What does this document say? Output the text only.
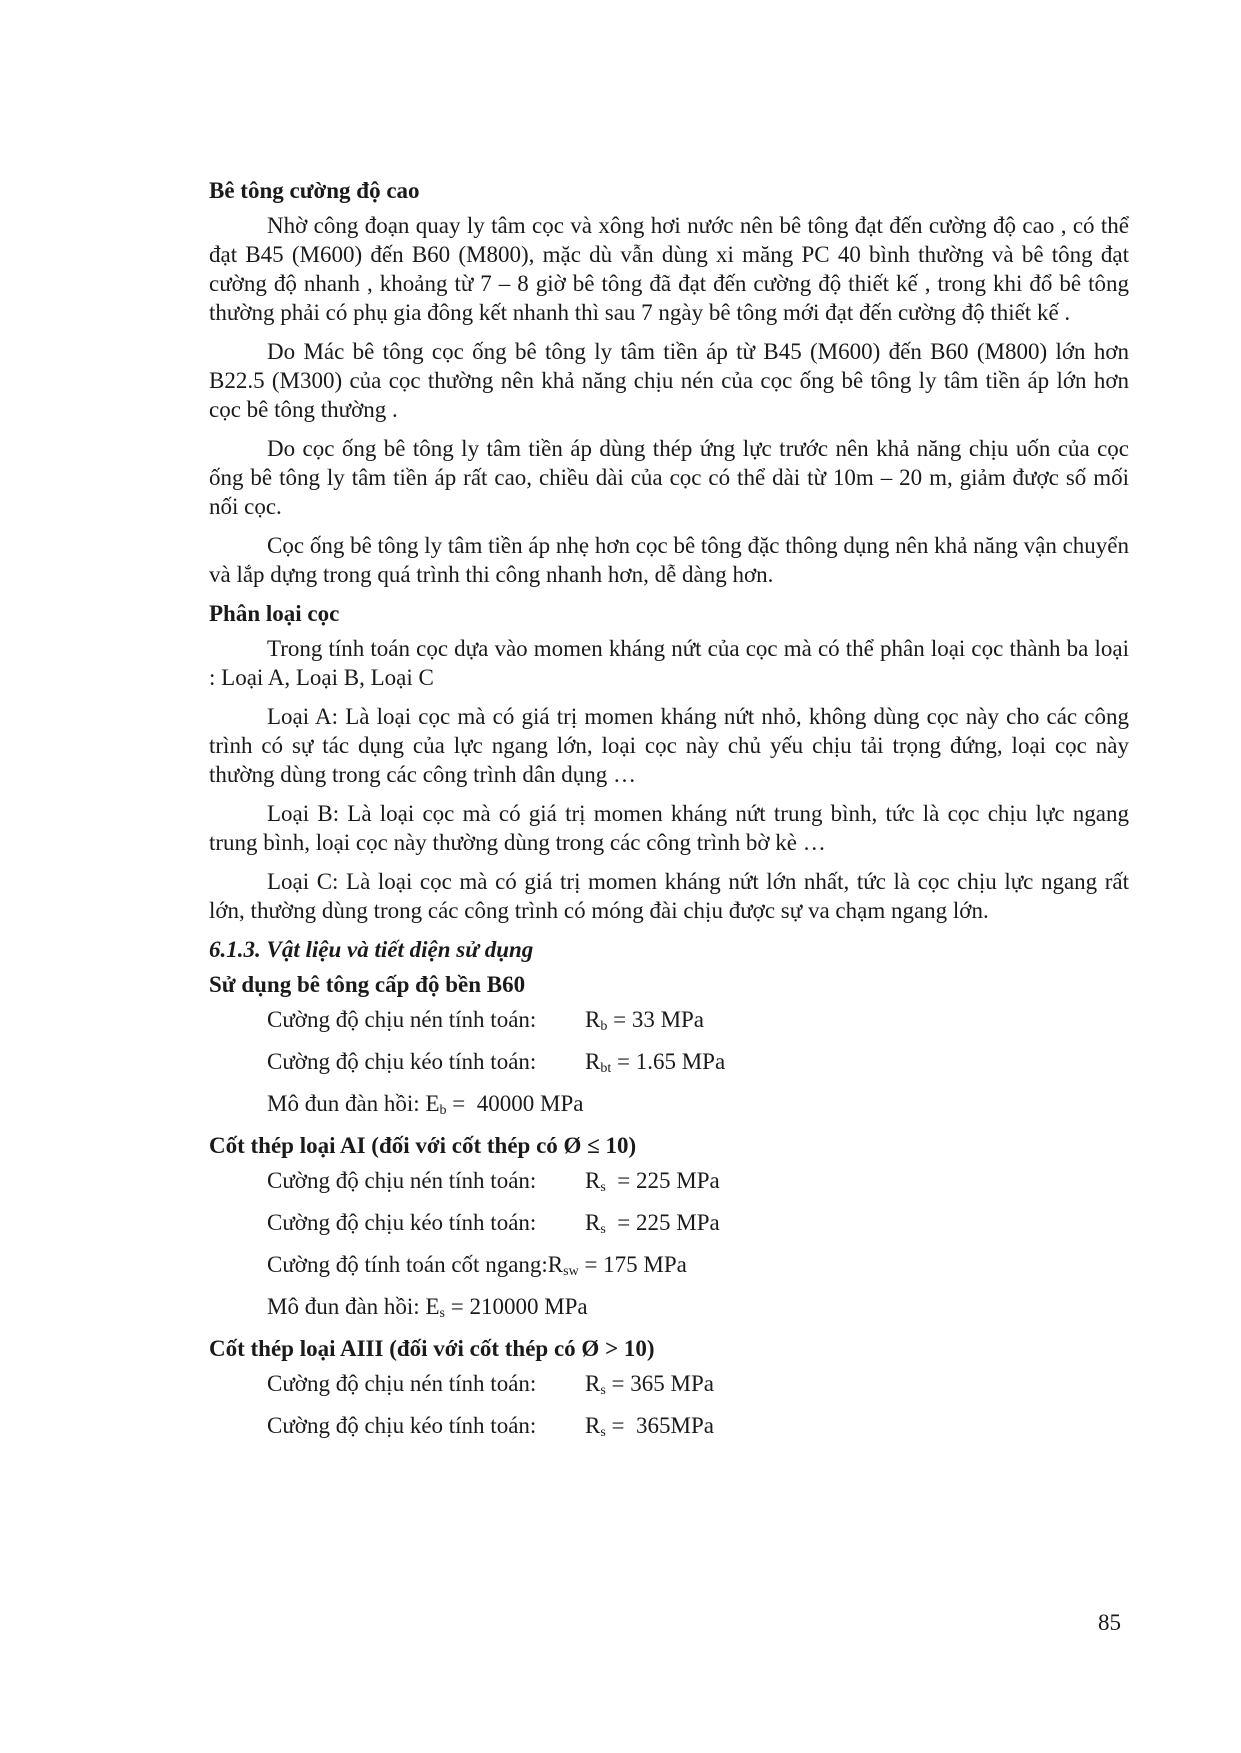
Bê tông cường độ cao

Nhờ công đoạn quay ly tâm cọc và xông hơi nước nên bê tông đạt đến cường độ cao , có thể đạt B45 (M600) đến B60 (M800), mặc dù vẫn dùng xi măng PC 40 bình thường và bê tông đạt cường độ nhanh , khoảng từ 7 – 8 giờ bê tông đã đạt đến cường độ thiết kế , trong khi đổ bê tông thường phải có phụ gia đông kết nhanh thì sau 7 ngày bê tông mới đạt đến cường độ thiết kế .

Do Mác bê tông cọc ống bê tông ly tâm tiền áp từ B45 (M600) đến B60 (M800) lớn hơn B22.5 (M300) của cọc thường nên khả năng chịu nén của cọc ống bê tông ly tâm tiền áp lớn hơn cọc bê tông thường .

Do cọc ống bê tông ly tâm tiền áp dùng thép ứng lực trước nên khả năng chịu uốn của cọc ống bê tông ly tâm tiền áp rất cao, chiều dài của cọc có thể dài từ 10m – 20 m, giảm được số mối nối cọc.

Cọc ống bê tông ly tâm tiền áp nhẹ hơn cọc bê tông đặc thông dụng nên khả năng vận chuyển và lắp dựng trong quá trình thi công nhanh hơn, dễ dàng hơn.

Phân loại cọc

Trong tính toán cọc dựa vào momen kháng nứt của cọc mà có thể phân loại cọc thành ba loại : Loại A, Loại B, Loại C

Loại A: Là loại cọc mà có giá trị momen kháng nứt nhỏ, không dùng cọc này cho các công trình có sự tác dụng của lực ngang lớn, loại cọc này chủ yếu chịu tải trọng đứng, loại cọc này thường dùng trong các công trình dân dụng …

Loại B: Là loại cọc mà có giá trị momen kháng nứt trung bình, tức là cọc chịu lực ngang trung bình, loại cọc này thường dùng trong các công trình bờ kè …

Loại C: Là loại cọc mà có giá trị momen kháng nứt lớn nhất, tức là cọc chịu lực ngang rất lớn, thường dùng trong các công trình có móng đài chịu được sự va chạm ngang lớn.

6.1.3. Vật liệu và tiết diện sử dụng
Sử dụng bê tông cấp độ bền B60
Cường độ chịu nén tính toán:	$R_b = 33$ MPa
Cường độ chịu kéo tính toán:	$R_{bt} = 1.65$ MPa
Mô đun đàn hồi: $E_b = 40000$ MPa
Cốt thép loại AI (đối với cốt thép có Ø ≤ 10)
Cường độ chịu nén tính toán:	$R_s = 225$ MPa
Cường độ chịu kéo tính toán:	$R_s = 225$ MPa
Cường độ tính toán cốt ngang: $R_{sw} = 175$ MPa
Mô đun đàn hồi: $E_s = 210000$ MPa
Cốt thép loại AIII (đối với cốt thép có Ø > 10)
Cường độ chịu nén tính toán:	$R_s = 365$ MPa
Cường độ chịu kéo tính toán:	$R_s = 365MPa$
85
